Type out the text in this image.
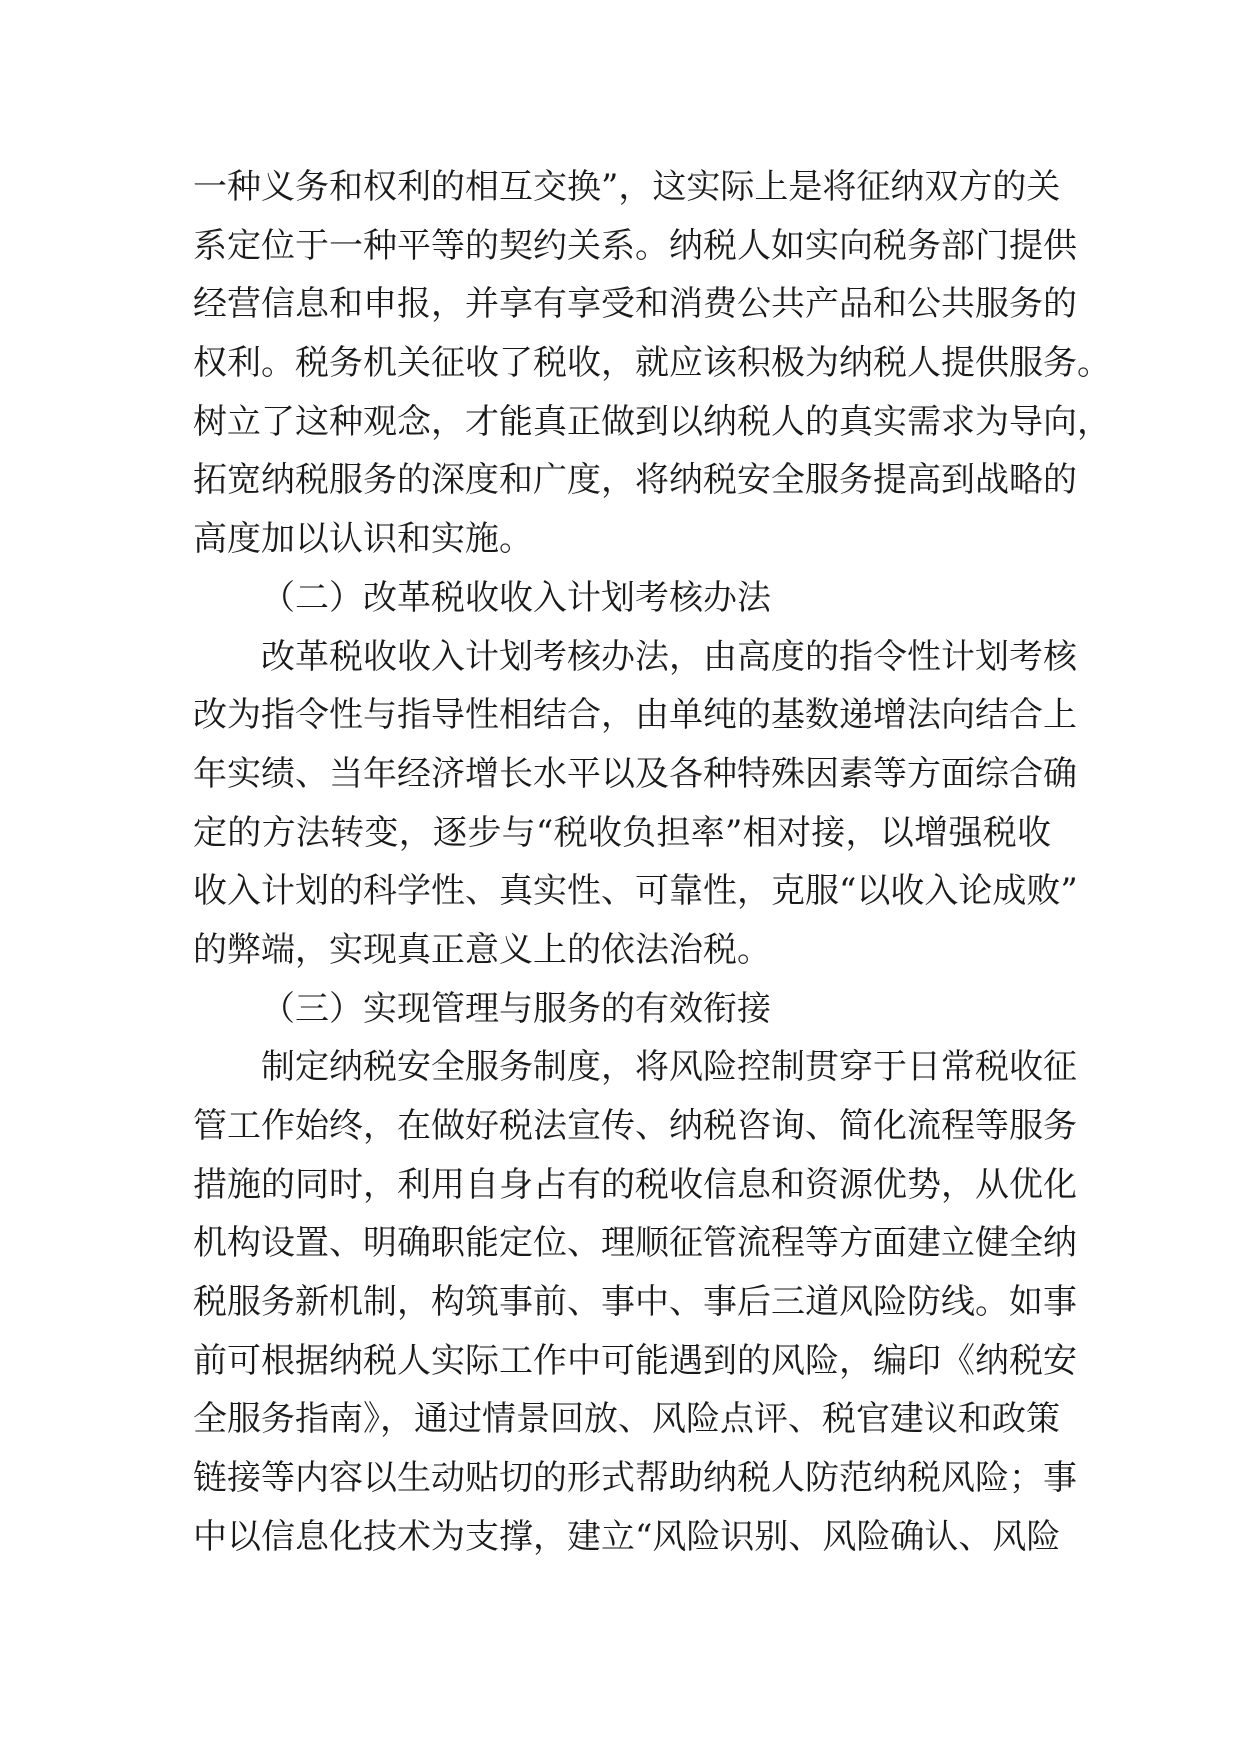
一种义务和权利的相互交换”，这实际上是将征纳双方的关
系定位于一种平等的契约关系。纳税人如实向税务部门提供
经营信息和申报，并享有享受和消费公共产品和公共服务的
权利。税务机关征收了税收，就应该积极为纳税人提供服务。
树立了这种观念，才能真正做到以纳税人的真实需求为导向，
拓宽纳税服务的深度和广度，将纳税安全服务提高到战略的
高度加以认识和实施。
（二）改革税收收入计划考核办法
改革税收收入计划考核办法，由高度的指令性计划考核
改为指令性与指导性相结合，由单纯的基数递增法向结合上
年实绩、当年经济增长水平以及各种特殊因素等方面综合确
定的方法转变，逐步与“税收负担率”相对接，以增强税收
收入计划的科学性、真实性、可靠性，克服“以收入论成败”
的弊端，实现真正意义上的依法治税。
（三）实现管理与服务的有效衔接
制定纳税安全服务制度，将风险控制贯穿于日常税收征
管工作始终，在做好税法宣传、纳税咨询、简化流程等服务
措施的同时，利用自身占有的税收信息和资源优势，从优化
机构设置、明确职能定位、理顺征管流程等方面建立健全纳
税服务新机制，构筑事前、事中、事后三道风险防线。如事
前可根据纳税人实际工作中可能遇到的风险，编印《纳税安
全服务指南》，通过情景回放、风险点评、税官建议和政策
链接等内容以生动贴切的形式帮助纳税人防范纳税风险；事
中以信息化技术为支撑，建立“风险识别、风险确认、风险
